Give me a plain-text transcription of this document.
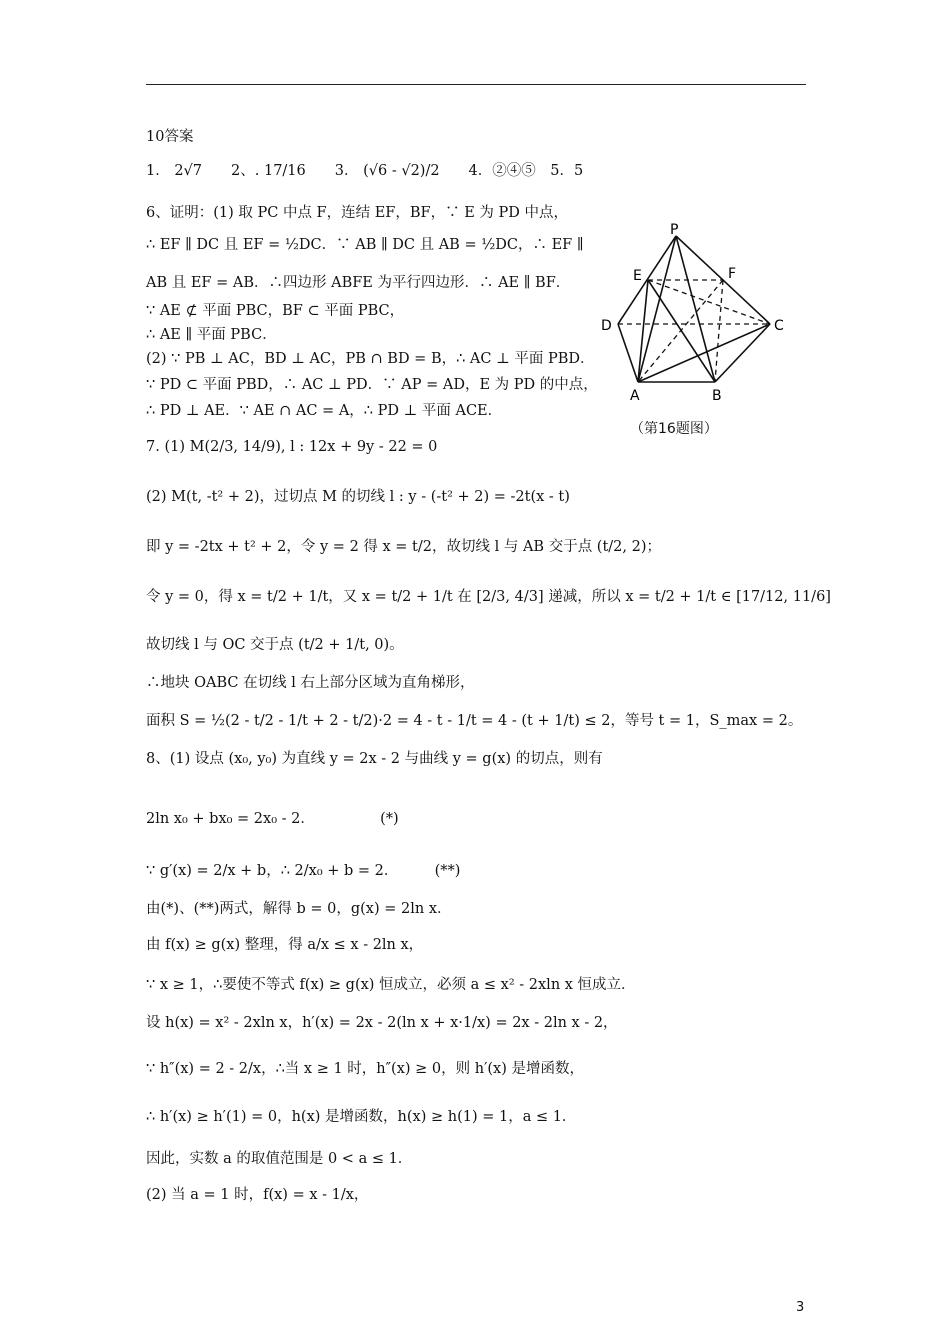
10答案
1． 2√7　　2、. 17/16　　3． (√6 - √2)/2　　4．②④⑤　5．5
6、证明：(1) 取 PC 中点 F，连结 EF，BF，∵ E 为 PD 中点，
∴ EF ∥ DC 且 EF = ½DC．∵ AB ∥ DC 且 AB = ½DC，∴ EF ∥
AB 且 EF = AB．∴四边形 ABFE 为平行四边形．∴ AE ∥ BF．
∵ AE ⊄ 平面 PBC，BF ⊂ 平面 PBC，
∴ AE ∥ 平面 PBC．
(2) ∵ PB ⊥ AC，BD ⊥ AC，PB ∩ BD = B，∴ AC ⊥ 平面 PBD．
∵ PD ⊂ 平面 PBD，∴ AC ⊥ PD．∵ AP = AD，E 为 PD 的中点，
∴ PD ⊥ AE．∵ AE ∩ AC = A，∴ PD ⊥ 平面 ACE．
P
E	F
D	C
A	B
（第16题图）
7. (1) M(2/3, 14/9), l : 12x + 9y - 22 = 0
(2) M(t, -t² + 2)，过切点 M 的切线 l : y - (-t² + 2) = -2t(x - t)
即 y = -2tx + t² + 2，令 y = 2 得 x = t/2，故切线 l 与 AB 交于点 (t/2, 2)；
令 y = 0，得 x = t/2 + 1/t，又 x = t/2 + 1/t 在 [2/3, 4/3] 递减，所以 x = t/2 + 1/t ∈ [17/12, 11/6]
故切线 l 与 OC 交于点 (t/2 + 1/t, 0)。
∴地块 OABC 在切线 l 右上部分区域为直角梯形，
面积 S = ½(2 - t/2 - 1/t + 2 - t/2)·2 = 4 - t - 1/t = 4 - (t + 1/t) ≤ 2，等号 t = 1，S_max = 2。
8、(1) 设点 (x₀, y₀) 为直线 y = 2x - 2 与曲线 y = g(x) 的切点，则有
2ln x₀ + bx₀ = 2x₀ - 2．　　　　　(*)
∵ g′(x) = 2/x + b，∴ 2/x₀ + b = 2．　　　(**)
由(*)、(**)两式，解得 b = 0，g(x) = 2ln x．
由 f(x) ≥ g(x) 整理，得 a/x ≤ x - 2ln x，
∵ x ≥ 1，∴要使不等式 f(x) ≥ g(x) 恒成立，必须 a ≤ x² - 2xln x 恒成立．
设 h(x) = x² - 2xln x，h′(x) = 2x - 2(ln x + x·1/x) = 2x - 2ln x - 2，
∵ h″(x) = 2 - 2/x，∴当 x ≥ 1 时，h″(x) ≥ 0，则 h′(x) 是增函数，
∴ h′(x) ≥ h′(1) = 0，h(x) 是增函数，h(x) ≥ h(1) = 1，a ≤ 1．
因此，实数 a 的取值范围是 0 < a ≤ 1．
(2) 当 a = 1 时，f(x) = x - 1/x，
3
